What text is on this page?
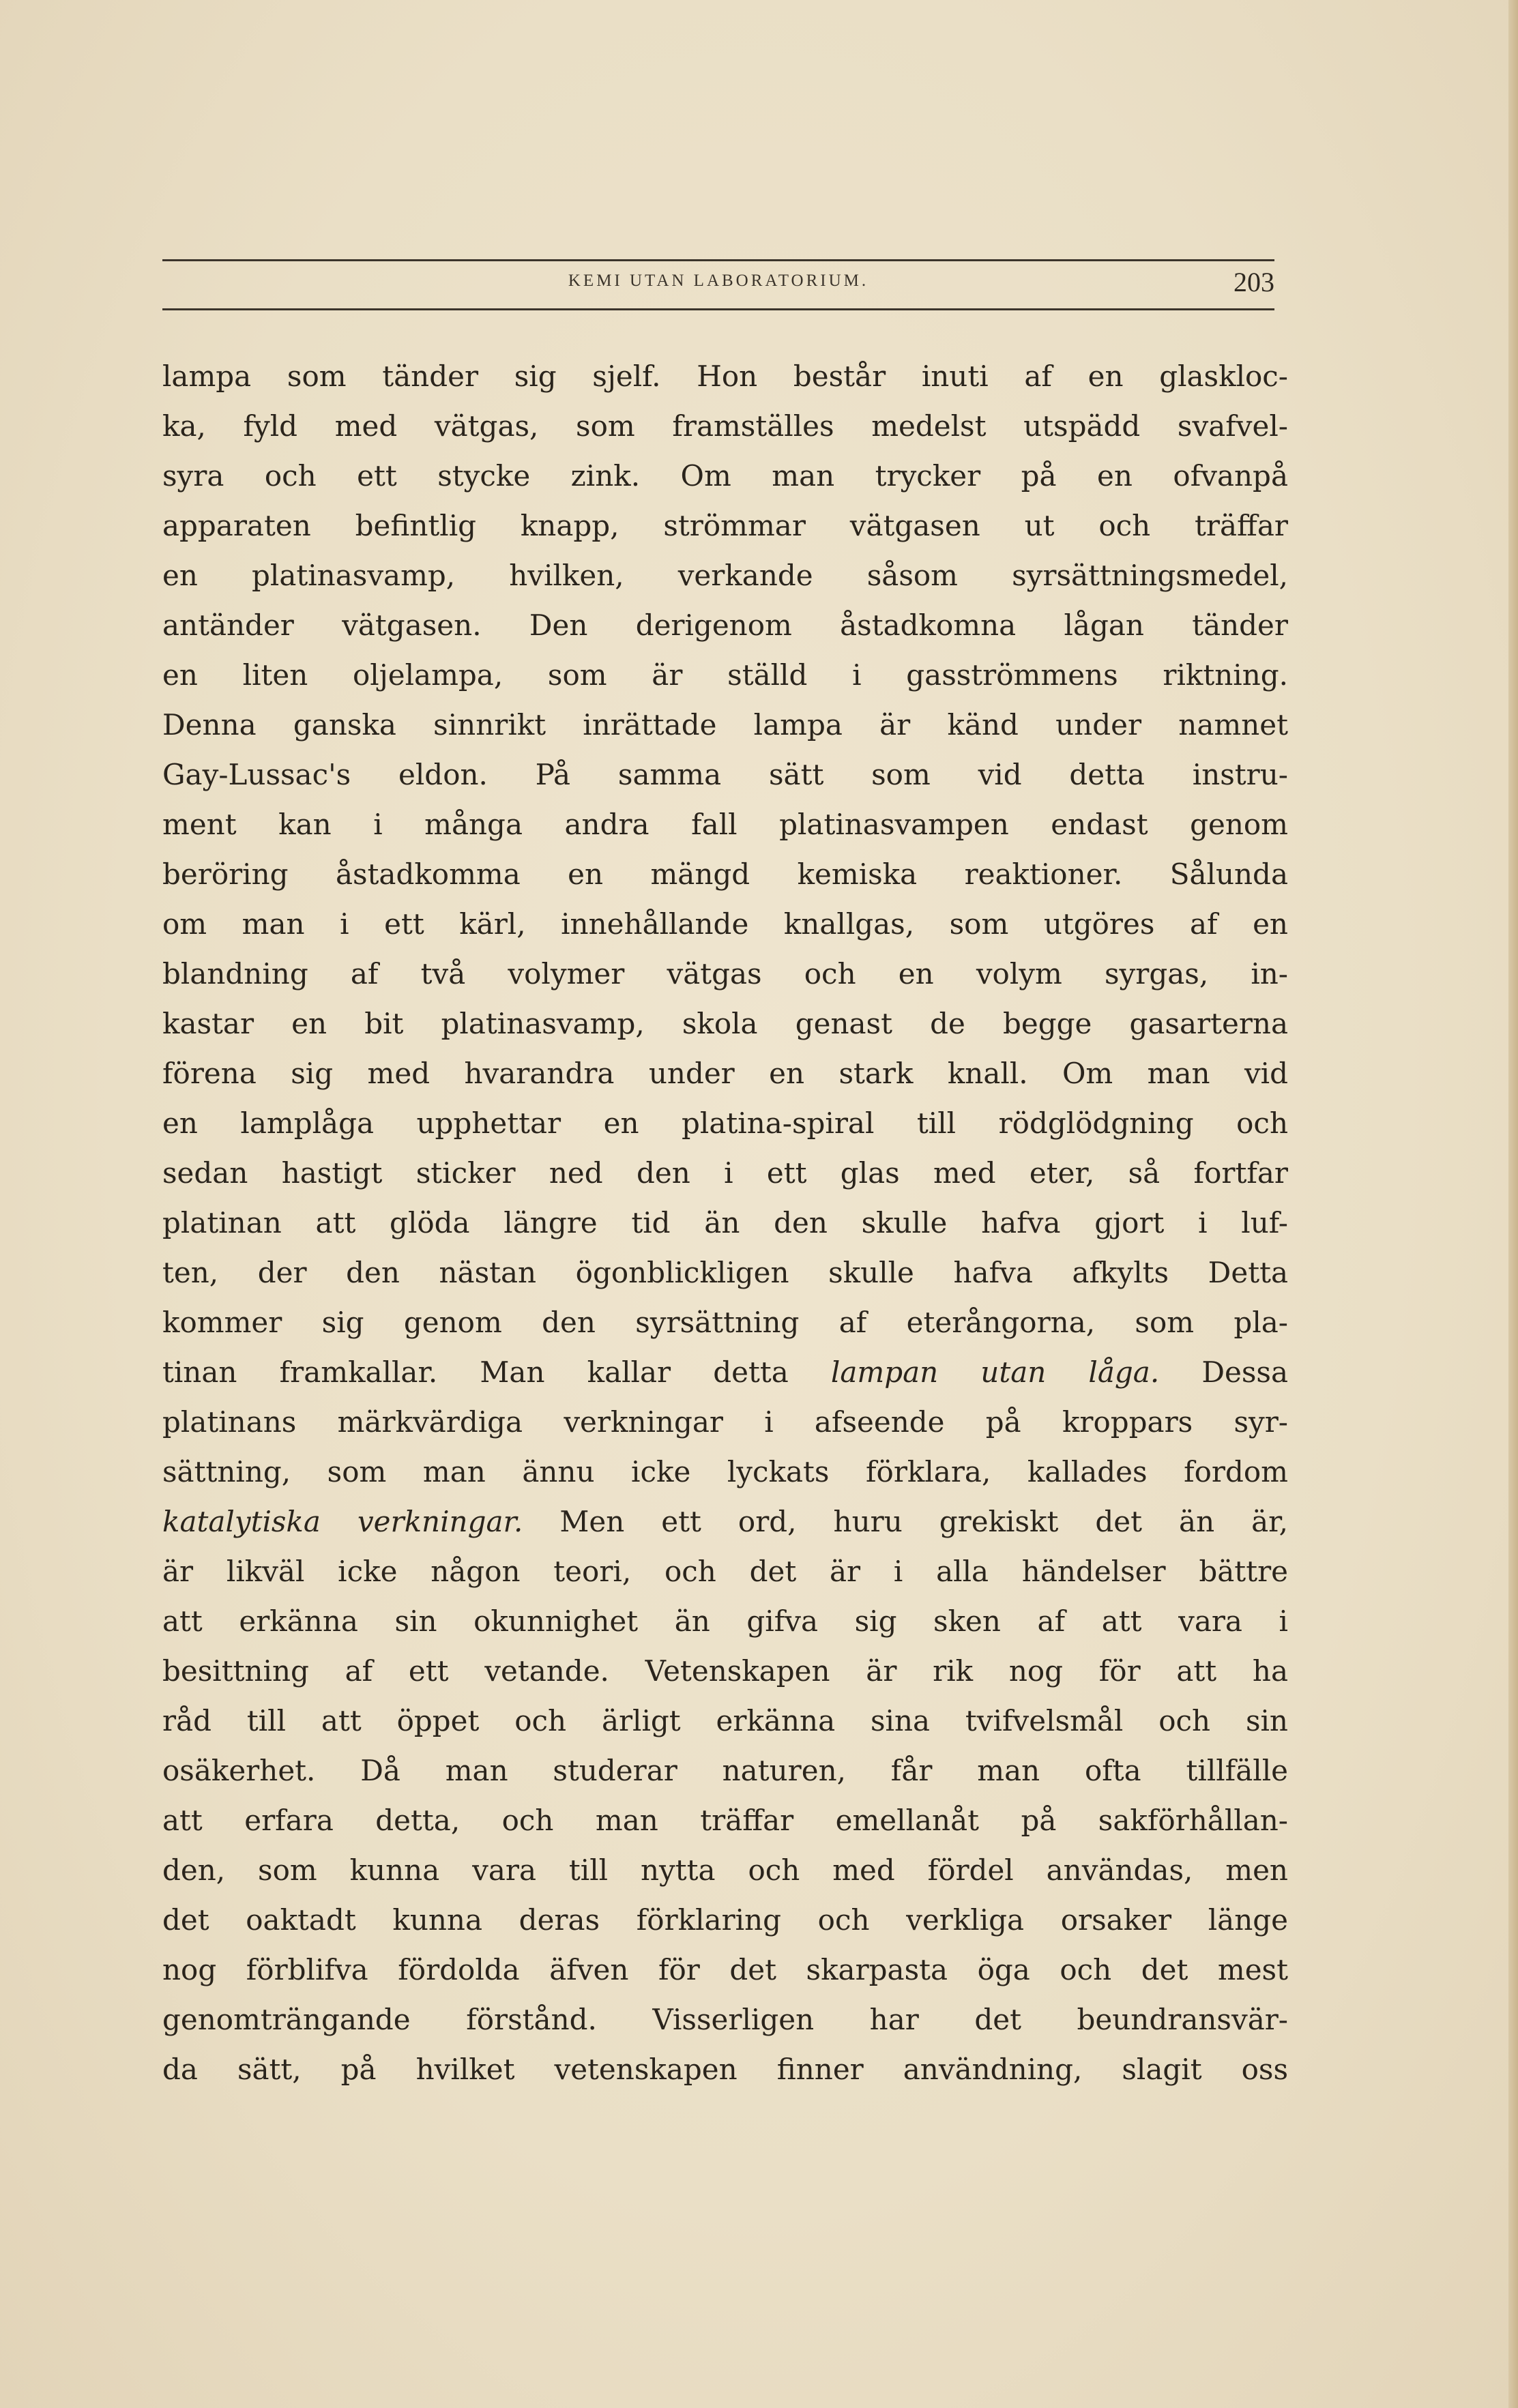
KEMI UTAN LABORATORIUM.	203
lampa som tänder sig sjelf. Hon består inuti af en glaskloc-
ka, fyld med vätgas, som framställes medelst utspädd svafvel-
syra och ett stycke zink. Om man trycker på en ofvanpå
apparaten befintlig knapp, strömmar vätgasen ut och träffar
en platinasvamp, hvilken, verkande såsom syrsättningsmedel,
antänder vätgasen. Den derigenom åstadkomna lågan tänder
en liten oljelampa, som är ställd i gasströmmens riktning.
Denna ganska sinnrikt inrättade lampa är känd under namnet
Gay-Lussac's eldon. På samma sätt som vid detta instru-
ment kan i många andra fall platinasvampen endast genom
beröring åstadkomma en mängd kemiska reaktioner. Sålunda
om man i ett kärl, innehållande knallgas, som utgöres af en
blandning af två volymer vätgas och en volym syrgas, in-
kastar en bit platinasvamp, skola genast de begge gasarterna
förena sig med hvarandra under en stark knall. Om man vid
en lamplåga upphettar en platina-spiral till rödglödgning och
sedan hastigt sticker ned den i ett glas med eter, så fortfar
platinan att glöda längre tid än den skulle hafva gjort i luf-
ten, der den nästan ögonblickligen skulle hafva afkylts Detta
kommer sig genom den syrsättning af eterångorna, som pla-
tinan framkallar. Man kallar detta lampan utan låga. Dessa
platinans märkvärdiga verkningar i afseende på kroppars syr-
sättning, som man ännu icke lyckats förklara, kallades fordom
katalytiska verkningar. Men ett ord, huru grekiskt det än är,
är likväl icke någon teori, och det är i alla händelser bättre
att erkänna sin okunnighet än gifva sig sken af att vara i
besittning af ett vetande. Vetenskapen är rik nog för att ha
råd till att öppet och ärligt erkänna sina tvifvelsmål och sin
osäkerhet. Då man studerar naturen, får man ofta tillfälle
att erfara detta, och man träffar emellanåt på sakförhållan-
den, som kunna vara till nytta och med fördel användas, men
det oaktadt kunna deras förklaring och verkliga orsaker länge
nog förblifva fördolda äfven för det skarpasta öga och det mest
genomträngande förstånd. Visserligen har det beundransvär-
da sätt, på hvilket vetenskapen finner användning, slagit oss
